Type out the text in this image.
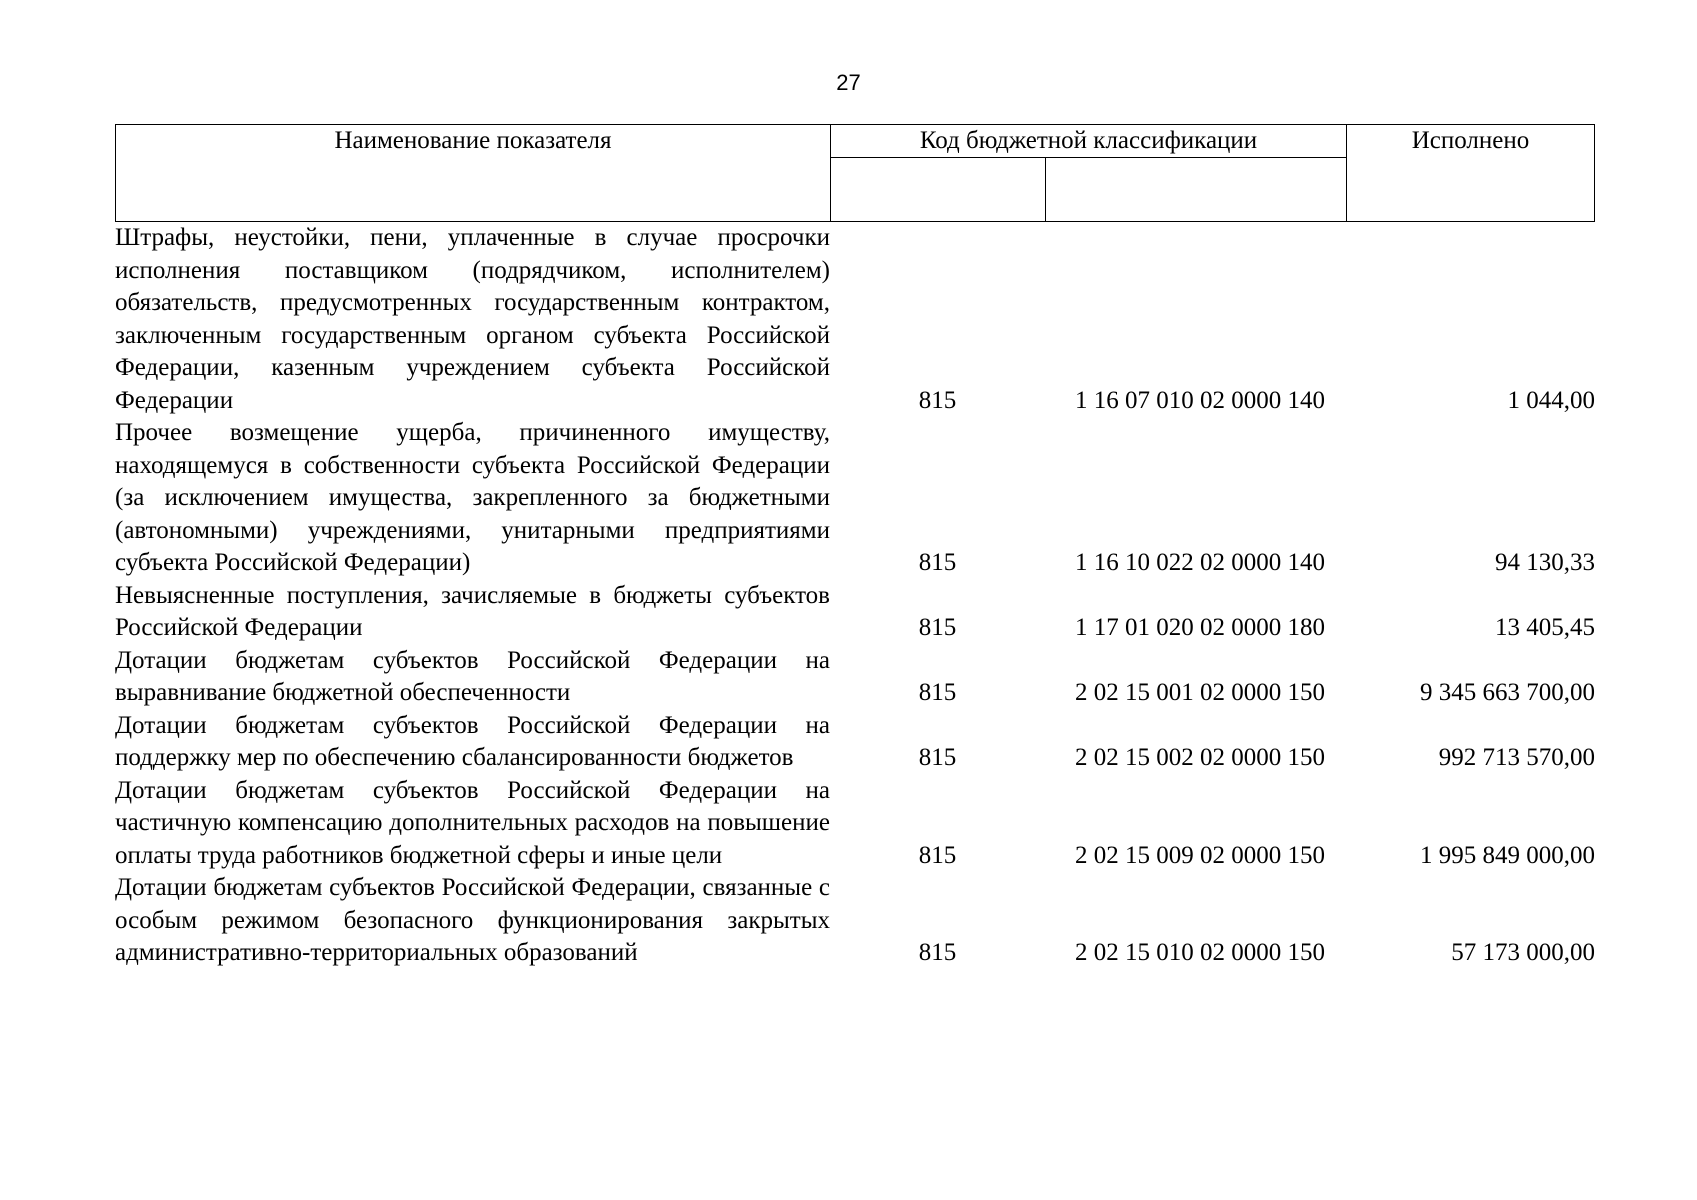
27
Наименование показателя	Код бюджетной классификации	Исполнено
Штрафы, неустойки, пени, уплаченные в случае просрочки исполнения поставщиком (подрядчиком, исполнителем) обязательств, предусмотренных государственным контрактом, заключенным государственным органом субъекта Российской Федерации, казенным учреждением субъекта Российской Федерации	815	1 16 07 010 02 0000 140	1 044,00
Прочее возмещение ущерба, причиненного имуществу, находящемуся в собственности субъекта Российской Федерации (за исключением имущества, закрепленного за бюджетными (автономными) учреждениями, унитарными предприятиями субъекта Российской Федерации)	815	1 16 10 022 02 0000 140	94 130,33
Невыясненные поступления, зачисляемые в бюджеты субъектов Российской Федерации	815	1 17 01 020 02 0000 180	13 405,45
Дотации бюджетам субъектов Российской Федерации на выравнивание бюджетной обеспеченности	815	2 02 15 001 02 0000 150	9 345 663 700,00
Дотации бюджетам субъектов Российской Федерации на поддержку мер по обеспечению сбалансированности бюджетов	815	2 02 15 002 02 0000 150	992 713 570,00
Дотации бюджетам субъектов Российской Федерации на частичную компенсацию дополнительных расходов на повышение оплаты труда работников бюджетной сферы и иные цели	815	2 02 15 009 02 0000 150	1 995 849 000,00
Дотации бюджетам субъектов Российской Федерации, связанные с особым режимом безопасного функционирования закрытых административно-территориальных образований	815	2 02 15 010 02 0000 150	57 173 000,00
